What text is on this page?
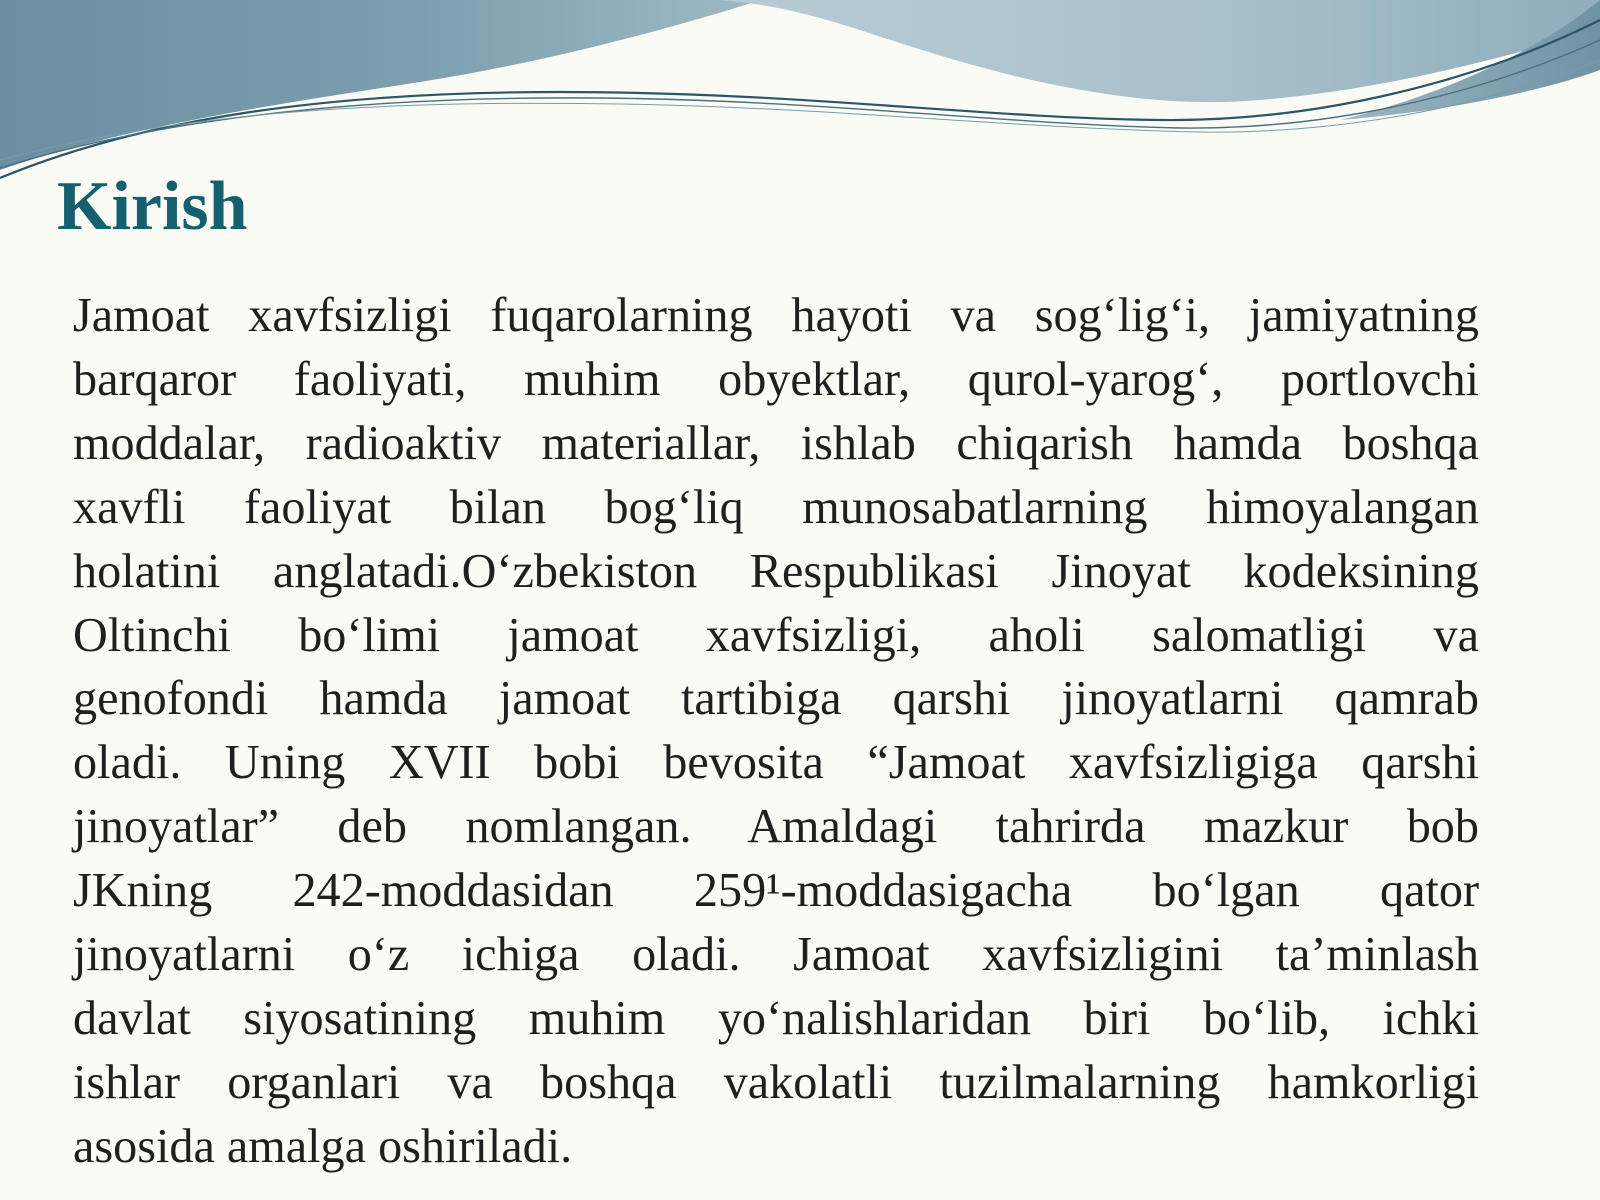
Kirish
Jamoat xavfsizligi fuqarolarning hayoti va sog‘lig‘i, jamiyatning
barqaror faoliyati, muhim obyektlar, qurol-yarog‘, portlovchi
moddalar, radioaktiv materiallar, ishlab chiqarish hamda boshqa
xavfli faoliyat bilan bog‘liq munosabatlarning himoyalangan
holatini anglatadi.O‘zbekiston Respublikasi Jinoyat kodeksining
Oltinchi bo‘limi jamoat xavfsizligi, aholi salomatligi va
genofondi hamda jamoat tartibiga qarshi jinoyatlarni qamrab
oladi. Uning XVII bobi bevosita “Jamoat xavfsizligiga qarshi
jinoyatlar” deb nomlangan. Amaldagi tahrirda mazkur bob
JKning 242-moddasidan 259¹-moddasigacha bo‘lgan qator
jinoyatlarni o‘z ichiga oladi. Jamoat xavfsizligini ta’minlash
davlat siyosatining muhim yo‘nalishlaridan biri bo‘lib, ichki
ishlar organlari va boshqa vakolatli tuzilmalarning hamkorligi
asosida amalga oshiriladi.
